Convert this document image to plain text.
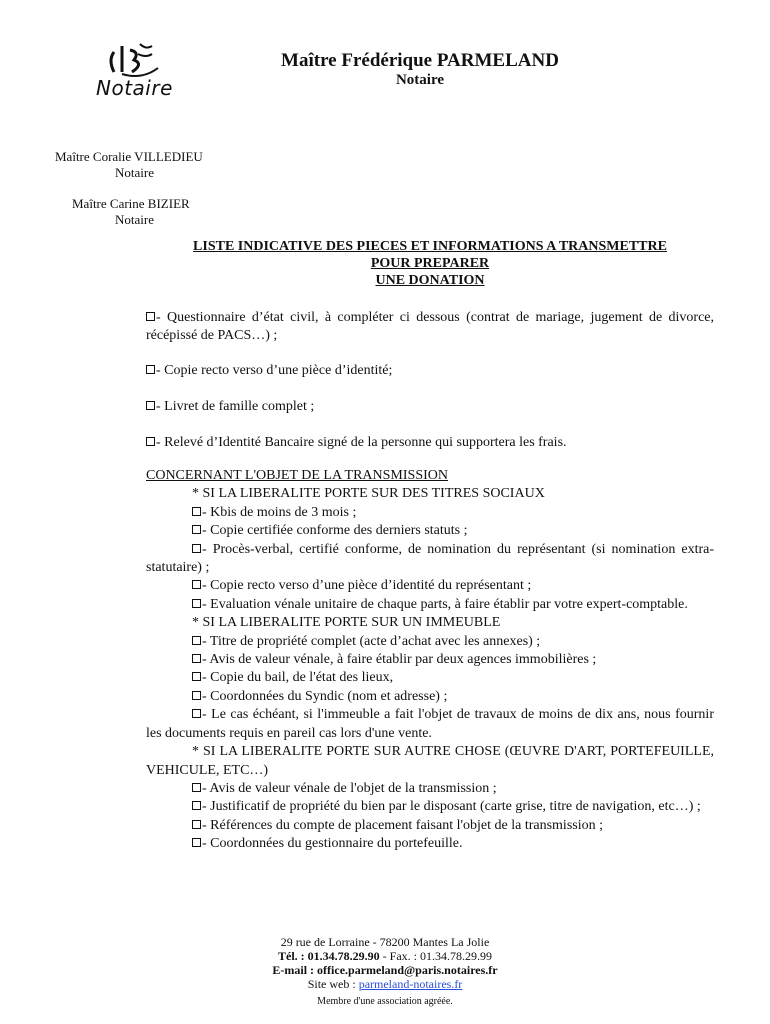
Notaire
Maître Frédérique PARMELAND
Notaire
Maître Coralie VILLEDIEU
Notaire
Maître Carine BIZIER
Notaire
LISTE INDICATIVE DES PIECES ET INFORMATIONS A TRANSMETTRE
POUR PREPARER
UNE DONATION
- Questionnaire d’état civil, à compléter ci dessous (contrat de mariage, jugement de divorce, récépissé de PACS…) ;
- Copie recto verso d’une pièce d’identité;
- Livret de famille complet ;
- Relevé d’Identité Bancaire signé de la personne qui supportera les frais.
CONCERNANT L'OBJET DE LA TRANSMISSION
* SI LA LIBERALITE PORTE SUR DES TITRES SOCIAUX
- Kbis de moins de 3 mois ;
- Copie certifiée conforme des derniers statuts ;
- Procès-verbal, certifié conforme, de nomination du représentant (si nomination extra-statutaire) ;
- Copie recto verso d’une pièce d’identité du représentant ;
- Evaluation vénale unitaire de chaque parts, à faire établir par votre expert-comptable.
* SI LA LIBERALITE PORTE SUR UN IMMEUBLE
- Titre de propriété complet (acte d’achat avec les annexes) ;
- Avis de valeur vénale, à faire établir par deux agences immobilières ;
- Copie du bail, de l'état des lieux,
- Coordonnées du Syndic (nom et adresse) ;
- Le cas échéant, si l'immeuble a fait l'objet de travaux de moins de dix ans, nous fournir les documents requis en pareil cas lors d'une vente.
* SI LA LIBERALITE PORTE SUR AUTRE CHOSE (ŒUVRE D'ART, PORTEFEUILLE, VEHICULE, ETC…)
- Avis de valeur vénale de l'objet de la transmission ;
- Justificatif de propriété du bien par le disposant (carte grise, titre de navigation, etc…) ;
- Références du compte de placement faisant l'objet de la transmission ;
- Coordonnées du gestionnaire du portefeuille.
29 rue de Lorraine - 78200 Mantes La Jolie
Tél. : 01.34.78.29.90 - Fax. : 01.34.78.29.99
E-mail : office.parmeland@paris.notaires.fr
Site web : parmeland-notaires.fr
Membre d'une association agréée.
